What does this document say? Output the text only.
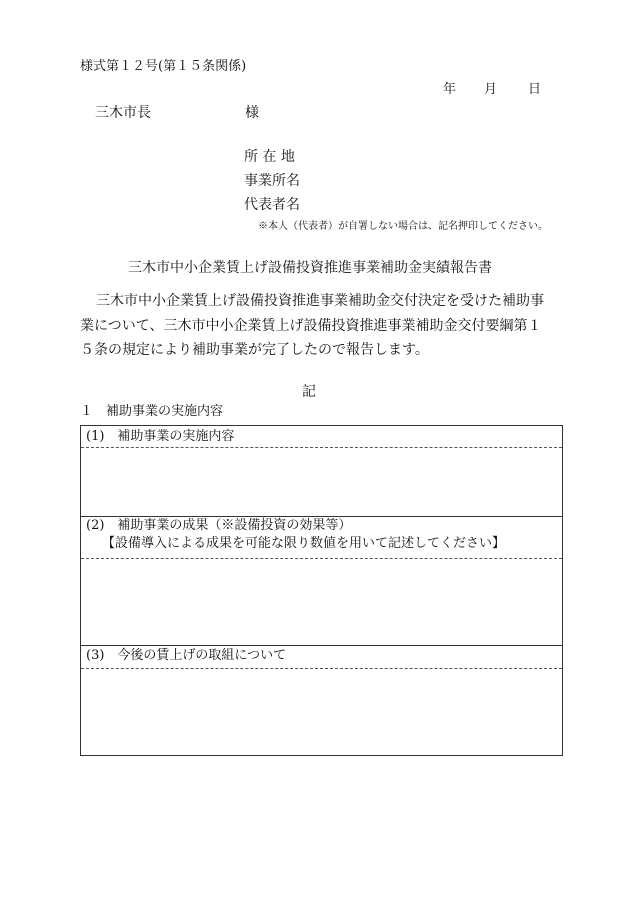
様式第１２号(第１５条関係)
年 月 日
三木市長	様
所 在 地
事業所名
代表者名
※本人（代表者）が自署しない場合は、記名押印してください。
三木市中小企業賃上げ設備投資推進事業補助金実績報告書
三木市中小企業賃上げ設備投資推進事業補助金交付決定を受けた補助事
業について、三木市中小企業賃上げ設備投資推進事業補助金交付要綱第１
５条の規定により補助事業が完了したので報告します。
記
１　補助事業の実施内容
(1)　補助事業の実施内容
(2)　補助事業の成果（※設備投資の効果等）
【設備導入による成果を可能な限り数値を用いて記述してください】
(3)　今後の賃上げの取組について
